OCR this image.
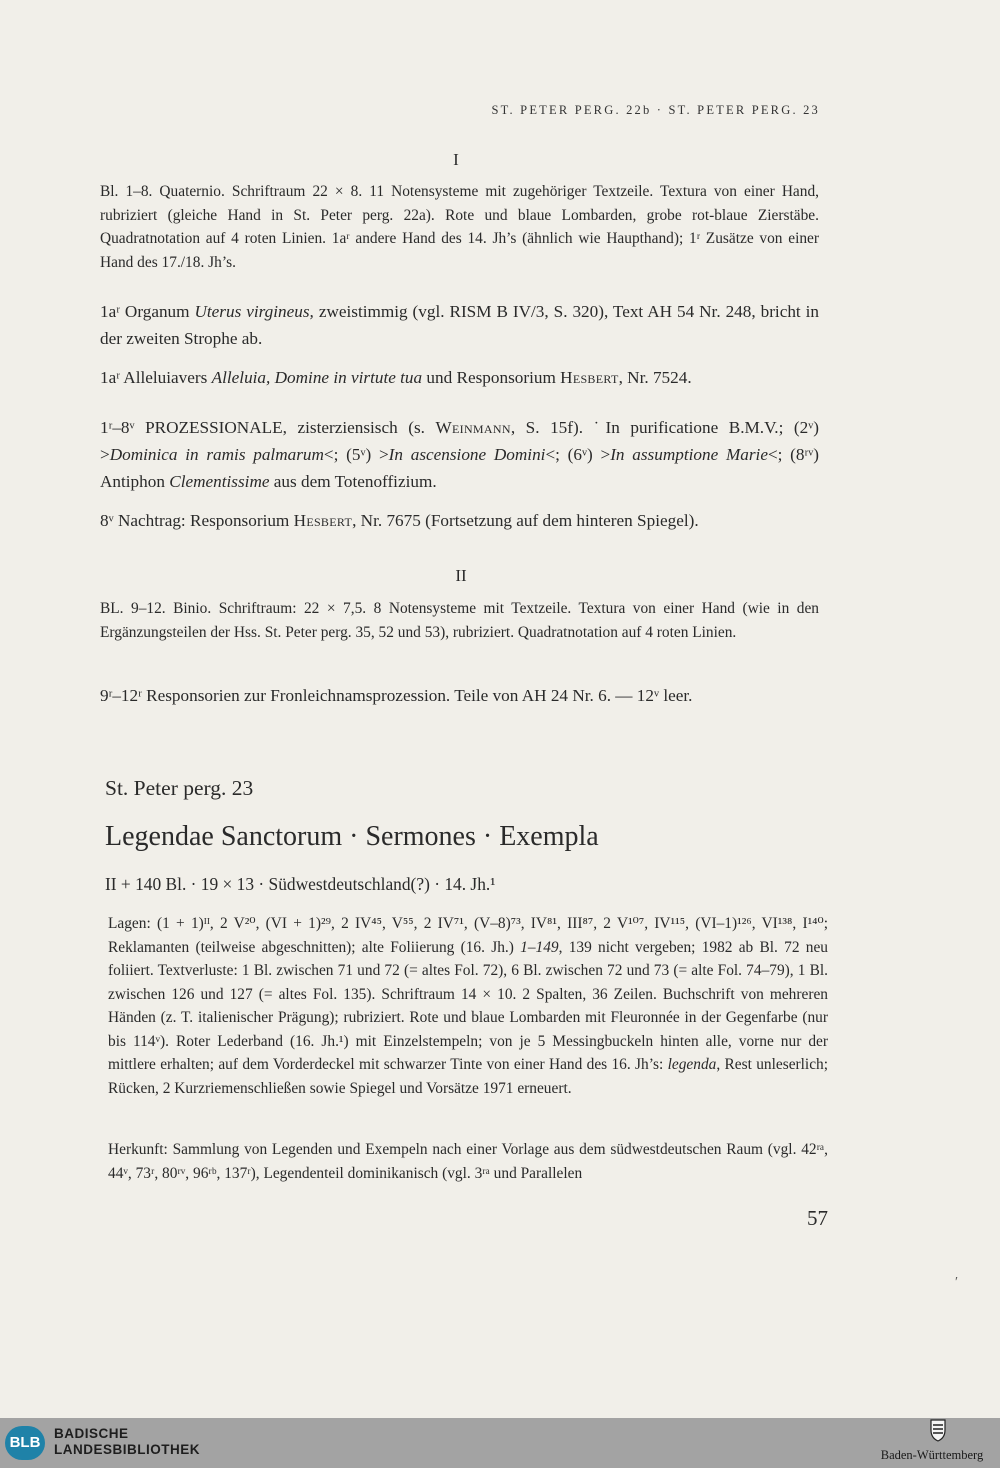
ST. PETER PERG. 22b · ST. PETER PERG. 23
I

Bl. 1–8. Quaternio. Schriftraum 22 × 8. 11 Notensysteme mit zugehöriger Textzeile. Textura von einer Hand, rubriziert (gleiche Hand in St. Peter perg. 22a). Rote und blaue Lombarden, grobe rot-blaue Zierstäbe. Quadratnotation auf 4 roten Linien. 1aʳ andere Hand des 14. Jh’s (ähnlich wie Haupthand); 1ʳ Zusätze von einer Hand des 17./18. Jh’s.

1aʳ Organum Uterus virgineus, zweistimmig (vgl. RISM B IV/3, S. 320), Text AH 54 Nr. 248, bricht in der zweiten Strophe ab.

1aʳ Alleluiavers Alleluia, Domine in virtute tua und Responsorium Hesbert, Nr. 7524.

1ʳ–8ᵛ PROZESSIONALE, zisterziensisch (s. Weinmann, S. 15f). ˙In purificatione B.M.V.; (2ᵛ) >Dominica in ramis palmarum<; (5ᵛ) >In ascensione Domini<; (6ᵛ) >In assumptione Marie<; (8ʳᵛ) Antiphon Clementissime aus dem Totenoffizium.

8ᵛ Nachtrag: Responsorium Hesbert, Nr. 7675 (Fortsetzung auf dem hinteren Spiegel).

II

BL. 9–12. Binio. Schriftraum: 22 × 7,5. 8 Notensysteme mit Textzeile. Textura von einer Hand (wie in den Ergänzungsteilen der Hss. St. Peter perg. 35, 52 und 53), rubriziert. Quadratnotation auf 4 roten Linien.

9ʳ–12ʳ Responsorien zur Fronleichnamsprozession. Teile von AH 24 Nr. 6. — 12ᵛ leer.

St. Peter perg. 23
Legendae Sanctorum · Sermones · Exempla
II + 140 Bl. · 19 × 13 · Südwestdeutschland(?) · 14. Jh.¹

Lagen: (1 + 1)ᴵᴵ, 2 V²⁰, (VI + 1)²⁹, 2 IV⁴⁵, V⁵⁵, 2 IV⁷¹, (V–8)⁷³, IV⁸¹, III⁸⁷, 2 V¹⁰⁷, IV¹¹⁵, (VI–1)¹²⁶, VI¹³⁸, I¹⁴⁰; Reklamanten (teilweise abgeschnitten); alte Foliierung (16. Jh.) 1–149, 139 nicht vergeben; 1982 ab Bl. 72 neu foliiert. Textverluste: 1 Bl. zwischen 71 und 72 (= altes Fol. 72), 6 Bl. zwischen 72 und 73 (= alte Fol. 74–79), 1 Bl. zwischen 126 und 127 (= altes Fol. 135). Schriftraum 14 × 10. 2 Spalten, 36 Zeilen. Buchschrift von mehreren Händen (z. T. italienischer Prägung); rubriziert. Rote und blaue Lombarden mit Fleuronnée in der Gegenfarbe (nur bis 114ᵛ). Roter Lederband (16. Jh.¹) mit Einzelstempeln; von je 5 Messingbuckeln hinten alle, vorne nur der mittlere erhalten; auf dem Vorderdeckel mit schwarzer Tinte von einer Hand des 16. Jh’s: legenda, Rest unleserlich; Rücken, 2 Kurzriemenschließen sowie Spiegel und Vorsätze 1971 erneuert.

Herkunft: Sammlung von Legenden und Exempeln nach einer Vorlage aus dem südwestdeutschen Raum (vgl. 42ʳᵃ, 44ᵛ, 73ʳ, 80ʳᵛ, 96ʳᵇ, 137ʳ), Legendenteil dominikanisch (vgl. 3ʳᵃ und Parallelen

57
′
BLB

BADISCHE
LANDESBIBLIOTHEK	Baden-Württemberg
